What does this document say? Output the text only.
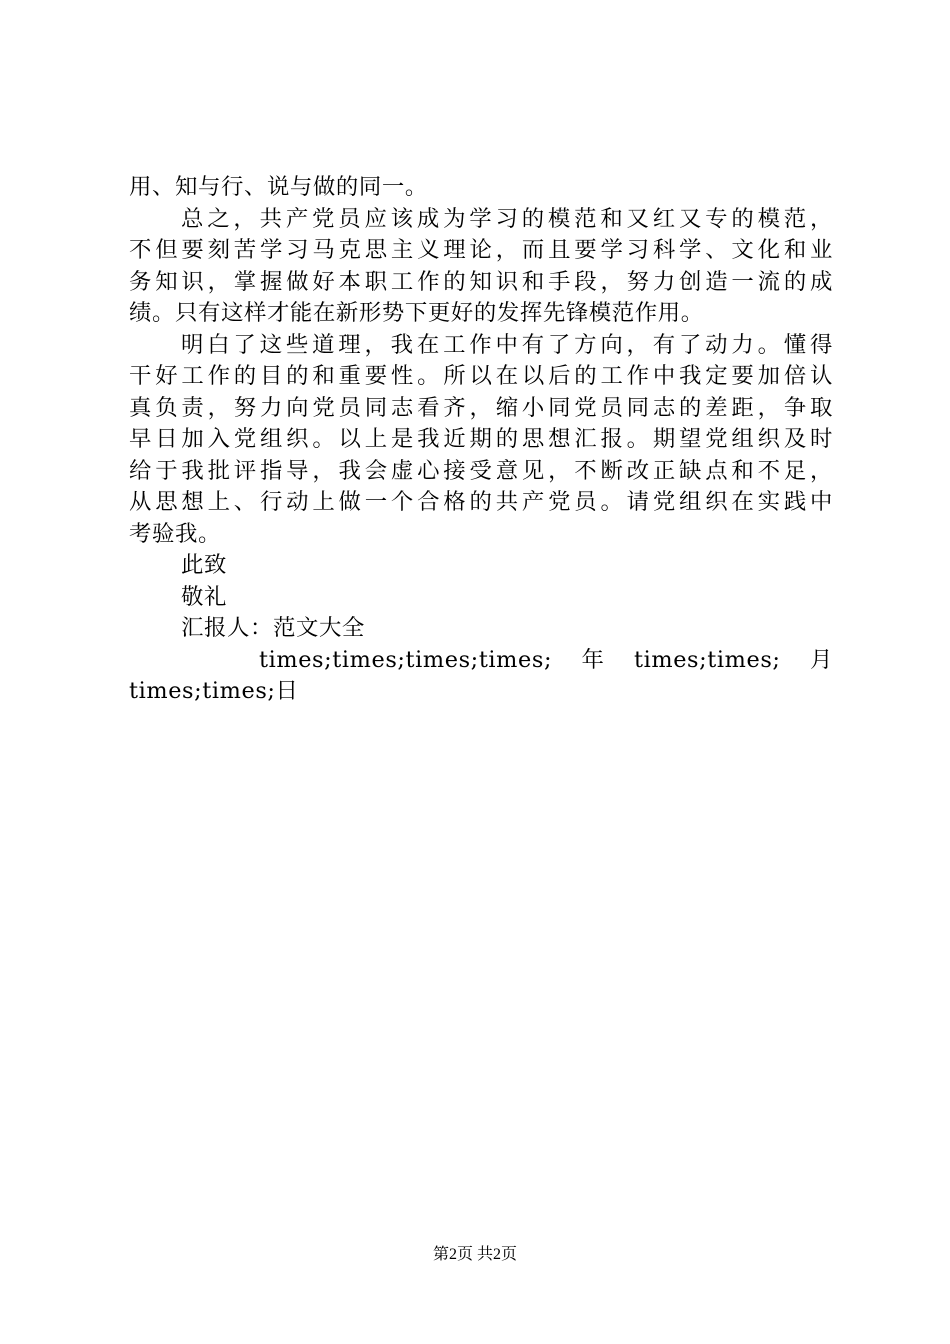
用、知与行、说与做的同一。
总之，共产党员应该成为学习的模范和又红又专的模范，
不但要刻苦学习马克思主义理论，而且要学习科学、文化和业
务知识，掌握做好本职工作的知识和手段，努力创造一流的成
绩。只有这样才能在新形势下更好的发挥先锋模范作用。
明白了这些道理，我在工作中有了方向，有了动力。懂得
干好工作的目的和重要性。所以在以后的工作中我定要加倍认
真负责，努力向党员同志看齐，缩小同党员同志的差距，争取
早日加入党组织。以上是我近期的思想汇报。期望党组织及时
给于我批评指导，我会虚心接受意见，不断改正缺点和不足，
从思想上、行动上做一个合格的共产党员。请党组织在实践中
考验我。
此致
敬礼
汇报人：范文大全
times;times;times;times;　年　times;times;　月
times;times;日
第2页 共2页
